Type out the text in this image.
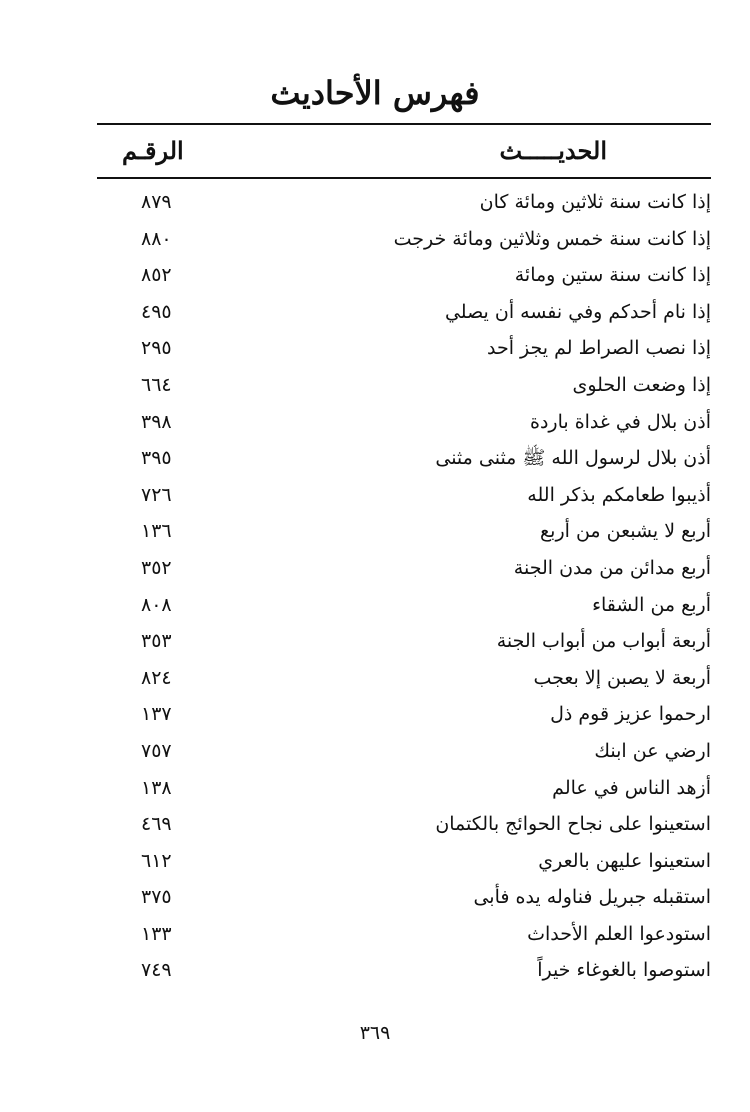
فهرس الأحاديث
الحديـــــث
الرقـم
إذا كانت سنة ثلاثين ومائة كان
٨٧٩
إذا كانت سنة خمس وثلاثين ومائة خرجت
٨٨٠
إذا كانت سنة ستين ومائة
٨٥٢
إذا نام أحدكم وفي نفسه أن يصلي
٤٩٥
إذا نصب الصراط لم يجز أحد
٢٩٥
إذا وضعت الحلوى
٦٦٤
أذن بلال في غداة باردة
٣٩٨
أذن بلال لرسول الله ﷺ مثنى مثنى
٣٩٥
أذيبوا طعامكم بذكر الله
٧٢٦
أربع لا يشبعن من أربع
١٣٦
أربع مدائن من مدن الجنة
٣٥٢
أربع من الشقاء
٨٠٨
أربعة أبواب من أبواب الجنة
٣٥٣
أربعة لا يصبن إلا بعجب
٨٢٤
ارحموا عزيز قوم ذل
١٣٧
ارضي عن ابنك
٧٥٧
أزهد الناس في عالم
١٣٨
استعينوا على نجاح الحوائج بالكتمان
٤٦٩
استعينوا عليهن بالعري
٦١٢
استقبله جبريل فناوله يده فأبى
٣٧٥
استودعوا العلم الأحداث
١٣٣
استوصوا بالغوغاء خيراً
٧٤٩
٣٦٩
